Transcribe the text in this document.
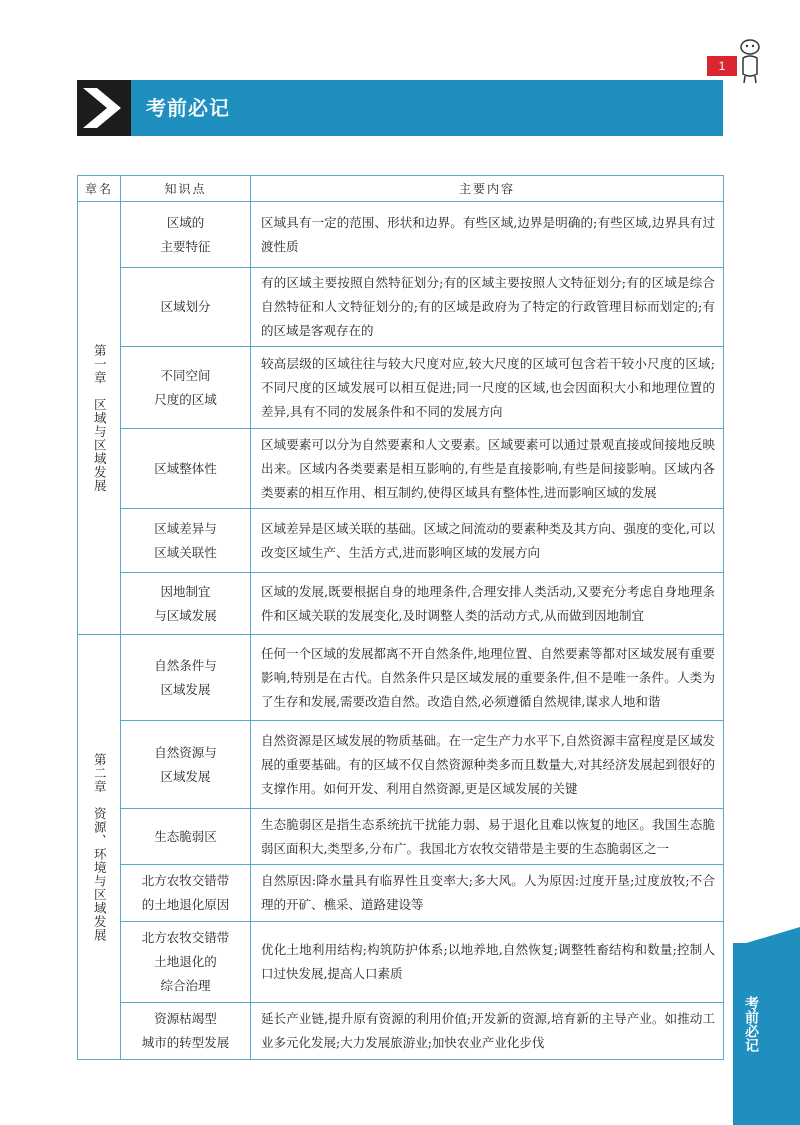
1
考前必记
章名	知识点	主要内容

第一章　区域与区域发展	区域的
主要特征	区域具有一定的范围、形状和边界。有些区域,边界是明确的;有些区域,边界具有过渡性质
	区域划分	有的区域主要按照自然特征划分;有的区域主要按照人文特征划分;有的区域是综合自然特征和人文特征划分的;有的区域是政府为了特定的行政管理目标而划定的;有的区域是客观存在的
	不同空间
尺度的区域	较高层级的区域往往与较大尺度对应,较大尺度的区域可包含若干较小尺度的区域;不同尺度的区域发展可以相互促进;同一尺度的区域,也会因面积大小和地理位置的差异,具有不同的发展条件和不同的发展方向
	区域整体性	区域要素可以分为自然要素和人文要素。区域要素可以通过景观直接或间接地反映出来。区域内各类要素是相互影响的,有些是直接影响,有些是间接影响。区域内各类要素的相互作用、相互制约,使得区域具有整体性,进而影响区域的发展
	区域差异与
区域关联性	区域差异是区域关联的基础。区域之间流动的要素种类及其方向、强度的变化,可以改变区域生产、生活方式,进而影响区域的发展方向
	因地制宜
与区域发展	区域的发展,既要根据自身的地理条件,合理安排人类活动,又要充分考虑自身地理条件和区域关联的发展变化,及时调整人类的活动方式,从而做到因地制宜

第二章　资源、环境与区域发展	自然条件与
区域发展	任何一个区域的发展都离不开自然条件,地理位置、自然要素等都对区域发展有重要影响,特别是在古代。自然条件只是区域发展的重要条件,但不是唯一条件。人类为了生存和发展,需要改造自然。改造自然,必须遵循自然规律,谋求人地和谐
	自然资源与
区域发展	自然资源是区域发展的物质基础。在一定生产力水平下,自然资源丰富程度是区域发展的重要基础。有的区域不仅自然资源种类多而且数量大,对其经济发展起到很好的支撑作用。如何开发、利用自然资源,更是区域发展的关键
	生态脆弱区	生态脆弱区是指生态系统抗干扰能力弱、易于退化且难以恢复的地区。我国生态脆弱区面积大,类型多,分布广。我国北方农牧交错带是主要的生态脆弱区之一
	北方农牧交错带
的土地退化原因	自然原因:降水量具有临界性且变率大;多大风。人为原因:过度开垦;过度放牧;不合理的开矿、樵采、道路建设等
	北方农牧交错带
土地退化的
综合治理	优化土地利用结构;构筑防护体系;以地养地,自然恢复;调整牲畜结构和数量;控制人口过快发展,提高人口素质
	资源枯竭型
城市的转型发展	延长产业链,提升原有资源的利用价值;开发新的资源,培育新的主导产业。如推动工业多元化发展;大力发展旅游业;加快农业产业化步伐	考前必记
